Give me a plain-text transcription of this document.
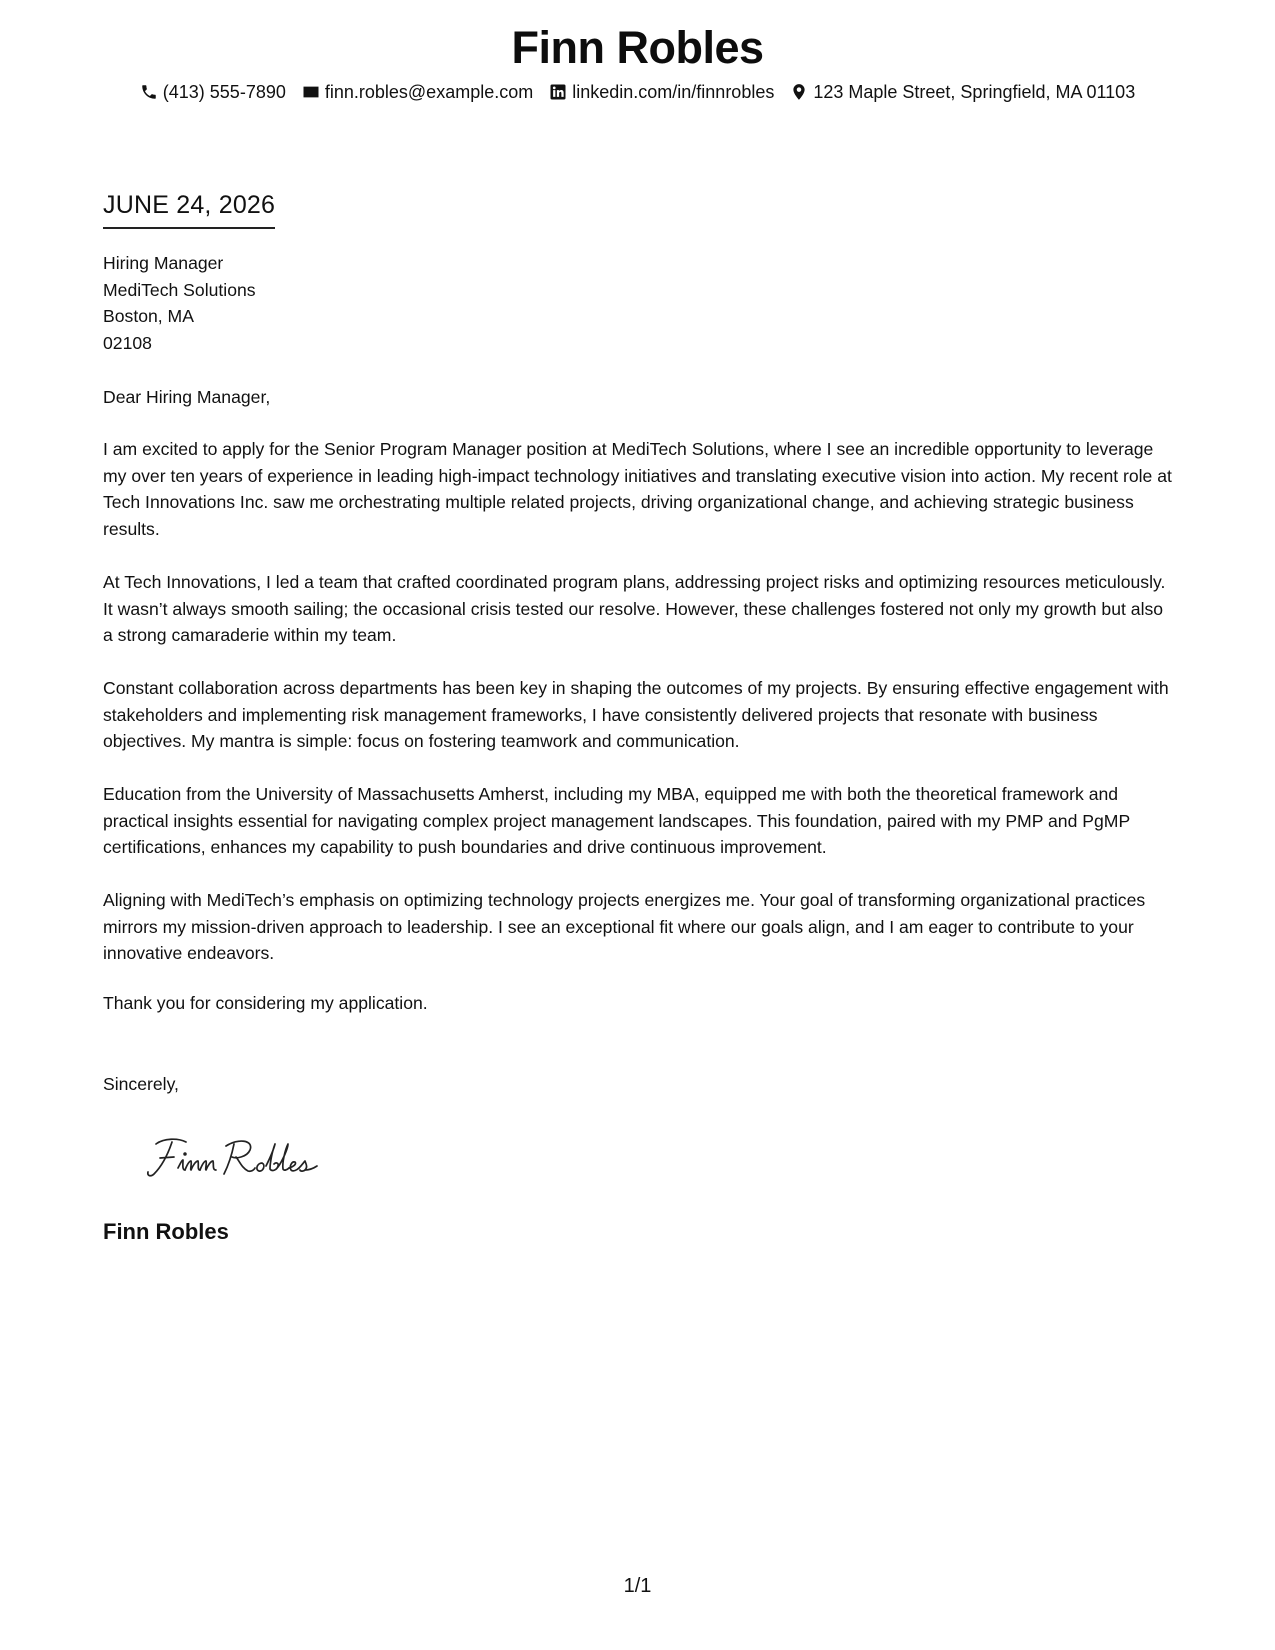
Finn Robles
(413) 555-7890 finn.robles@example.com linkedin.com/in/finnrobles 123 Maple Street, Springfield, MA 01103
JUNE 24, 2026
Hiring Manager
MediTech Solutions
Boston, MA
02108

Dear Hiring Manager,

I am excited to apply for the Senior Program Manager position at MediTech Solutions, where I see an incredible opportunity to leverage my over ten years of experience in leading high-impact technology initiatives and translating executive vision into action. My recent role at Tech Innovations Inc. saw me orchestrating multiple related projects, driving organizational change, and achieving strategic business results.

At Tech Innovations, I led a team that crafted coordinated program plans, addressing project risks and optimizing resources meticulously. It wasn’t always smooth sailing; the occasional crisis tested our resolve. However, these challenges fostered not only my growth but also a strong camaraderie within my team.

Constant collaboration across departments has been key in shaping the outcomes of my projects. By ensuring effective engagement with stakeholders and implementing risk management frameworks, I have consistently delivered projects that resonate with business objectives. My mantra is simple: focus on fostering teamwork and communication.

Education from the University of Massachusetts Amherst, including my MBA, equipped me with both the theoretical framework and practical insights essential for navigating complex project management landscapes. This foundation, paired with my PMP and PgMP certifications, enhances my capability to push boundaries and drive continuous improvement.

Aligning with MediTech’s emphasis on optimizing technology projects energizes me. Your goal of transforming organizational practices mirrors my mission-driven approach to leadership. I see an exceptional fit where our goals align, and I am eager to contribute to your innovative endeavors.

Thank you for considering my application.

Sincerely,

Finn Robles
1/1
